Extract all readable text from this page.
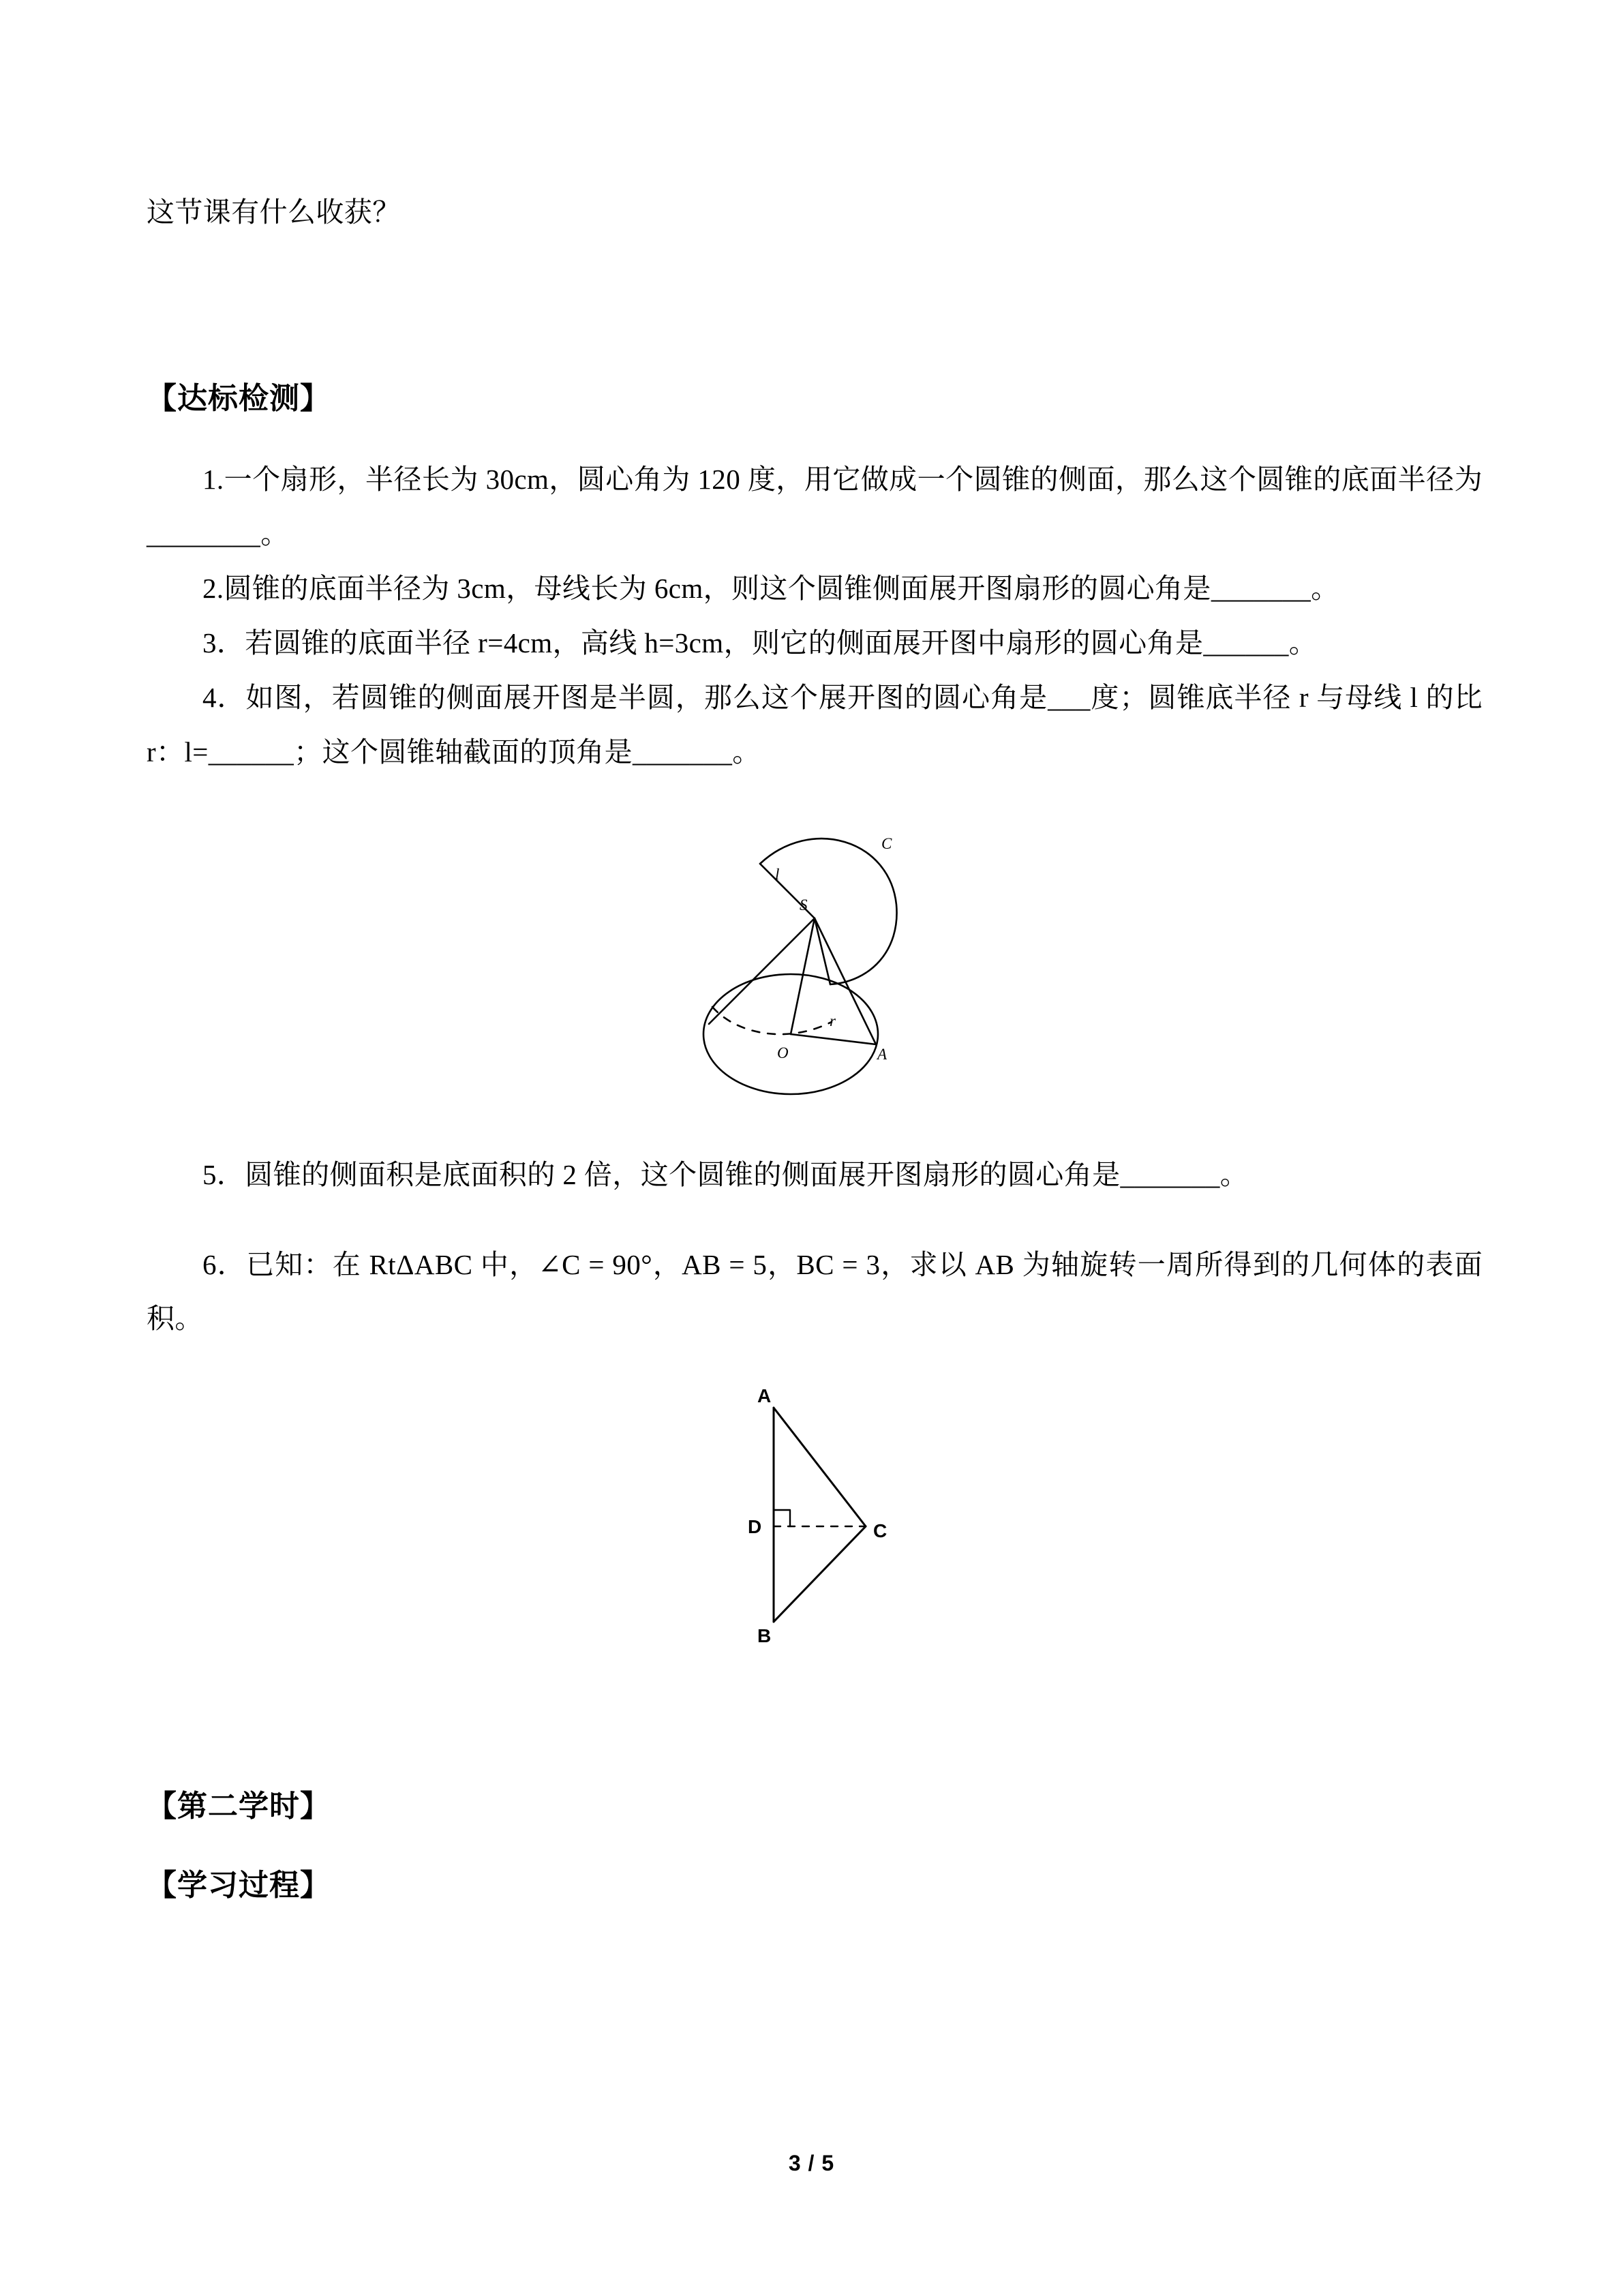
这节课有什么收获？

【达标检测】

1.一个扇形，半径长为 30cm，圆心角为 120 度，用它做成一个圆锥的侧面，那么这个圆锥的底面半径为________。

2.圆锥的底面半径为 3cm，母线长为 6cm，则这个圆锥侧面展开图扇形的圆心角是_______。

3．若圆锥的底面半径 r=4cm，高线 h=3cm，则它的侧面展开图中扇形的圆心角是______。

4．如图，若圆锥的侧面展开图是半圆，那么这个展开图的圆心角是___度；圆锥底半径 r 与母线 l 的比 r：l=______；这个圆锥轴截面的顶角是_______。

l
S
C
O
r
A

5．圆锥的侧面积是底面积的 2 倍，这个圆锥的侧面展开图扇形的圆心角是_______。

6．已知：在 RtΔABC 中，∠C = 90°，AB = 5，BC = 3，求以 AB 为轴旋转一周所得到的几何体的表面积。

A
D	C
B

【第二学时】

【学习过程】

3 / 5
